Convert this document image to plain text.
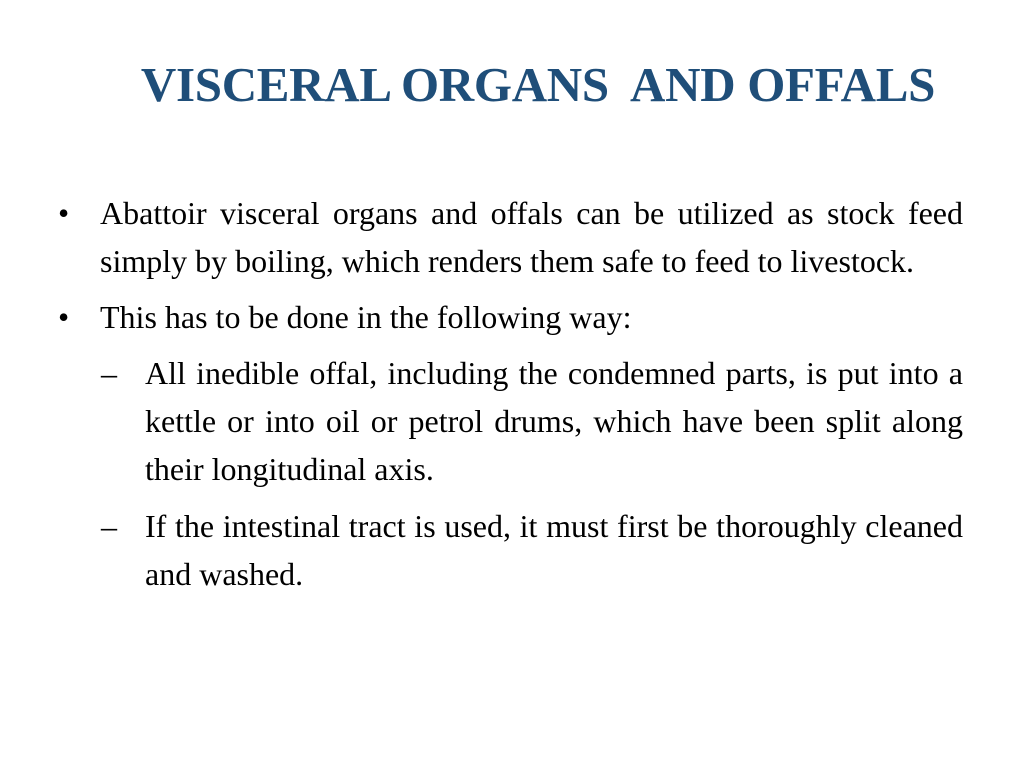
VISCERAL ORGANS  AND OFFALS
• Abattoir visceral organs and offals can be utilized as stock feed simply by boiling, which renders them safe to feed to livestock.
• This has to be done in the following way:
– All inedible offal, including the condemned parts, is put into a kettle or into oil or petrol drums, which have been split along their longitudinal axis.
– If the intestinal tract is used, it must first be thoroughly cleaned and washed.
